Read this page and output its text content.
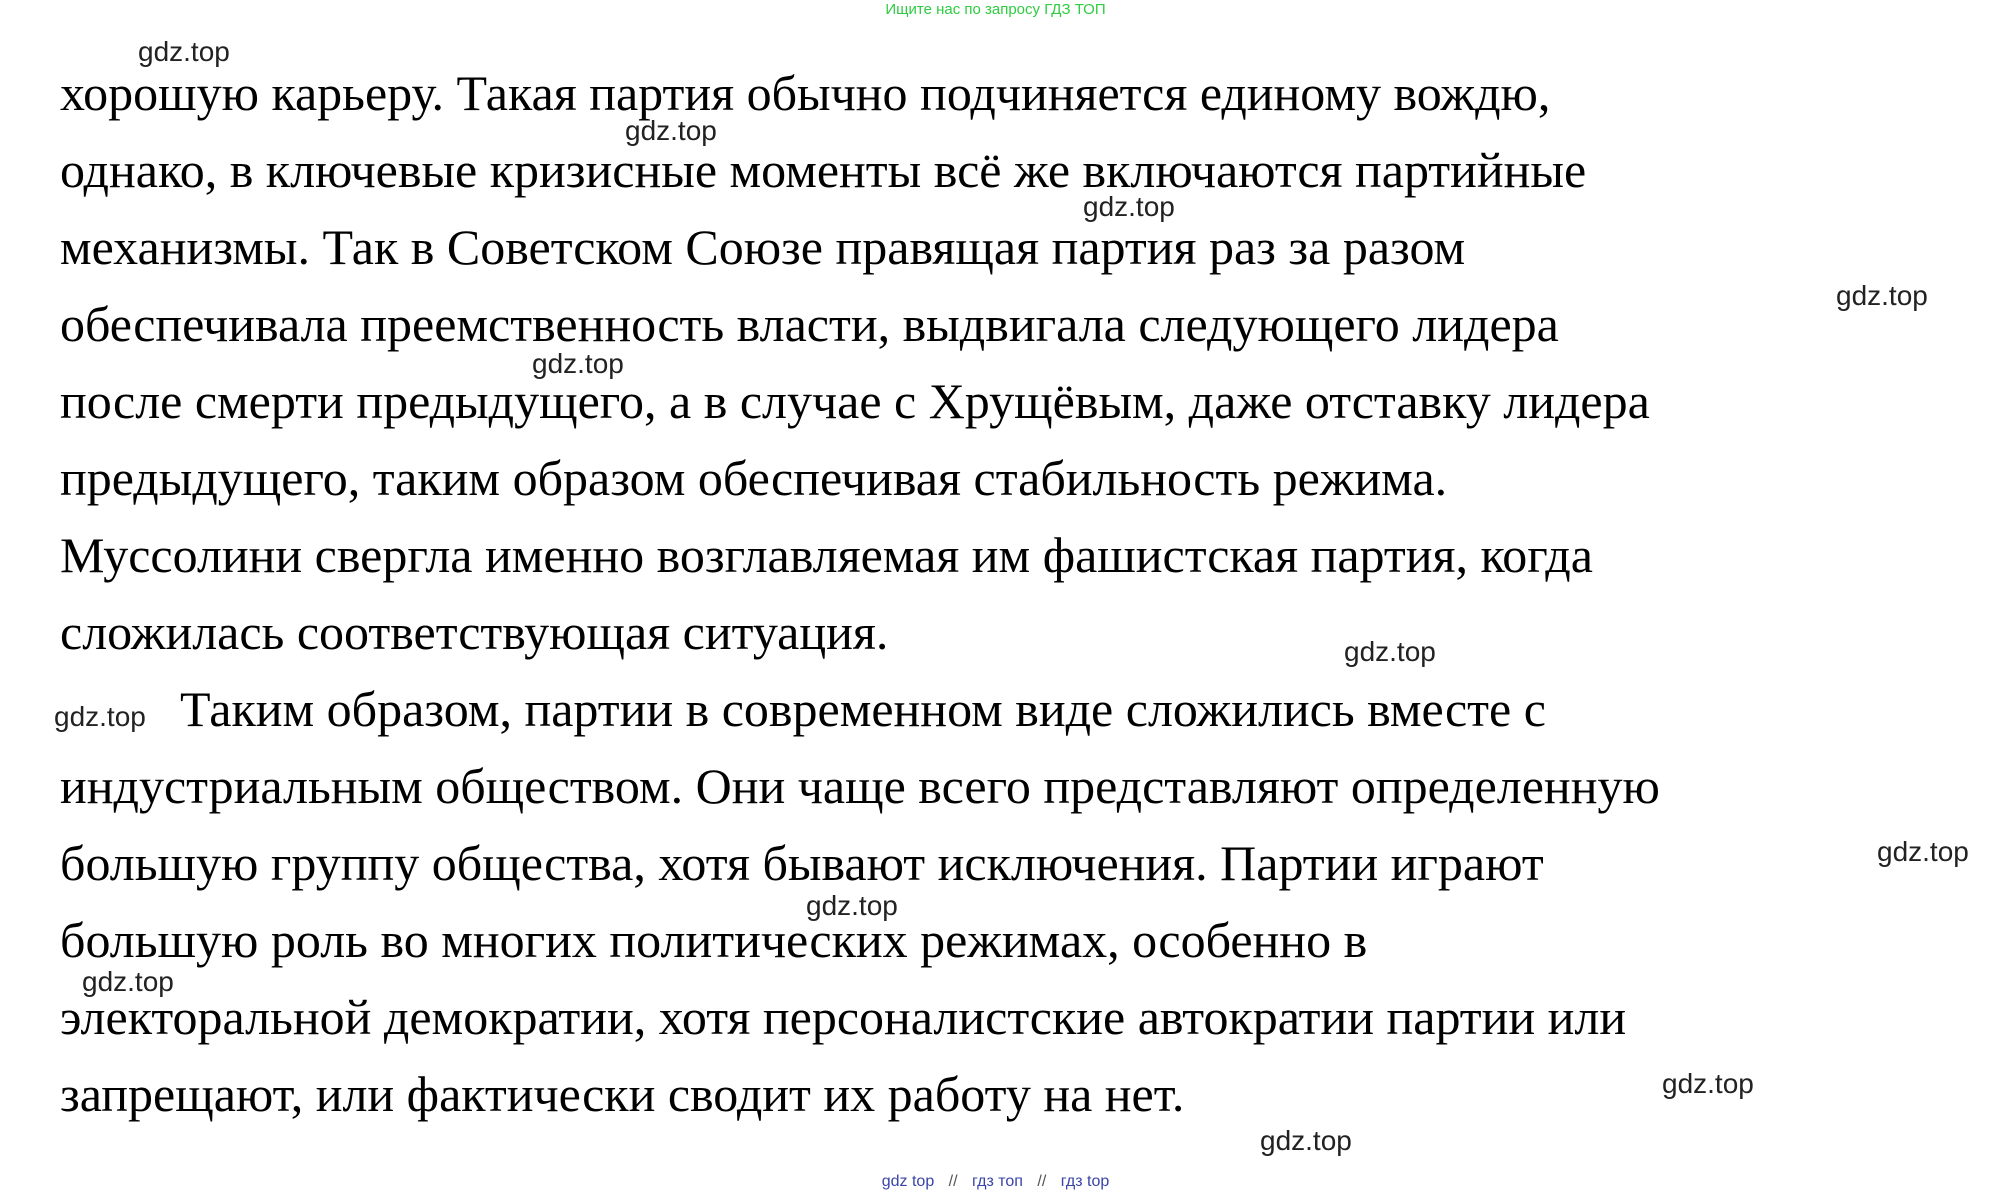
Ищите нас по запросу ГДЗ ТОП
хорошую карьеру. Такая партия обычно подчиняется единому вождю,
однако, в ключевые кризисные моменты всё же включаются партийные
механизмы. Так в Советском Союзе правящая партия раз за разом
обеспечивала преемственность власти, выдвигала следующего лидера
после смерти предыдущего, а в случае с Хрущёвым, даже отставку лидера
предыдущего, таким образом обеспечивая стабильность режима.
Муссолини свергла именно возглавляемая им фашистская партия, когда
сложилась соответствующая ситуация.
Таким образом, партии в современном виде сложились вместе с
индустриальным обществом. Они чаще всего представляют определенную
большую группу общества, хотя бывают исключения. Партии играют
большую роль во многих политических режимах, особенно в
электоральной демократии, хотя персоналистские автократии партии или
запрещают, или фактически сводит их работу на нет.
gdz.top
gdz.top
gdz.top
gdz.top
gdz.top
gdz.top
gdz.top
gdz.top
gdz.top
gdz.top
gdz.top
gdz.top
gdz top // гдз топ // гдз top
